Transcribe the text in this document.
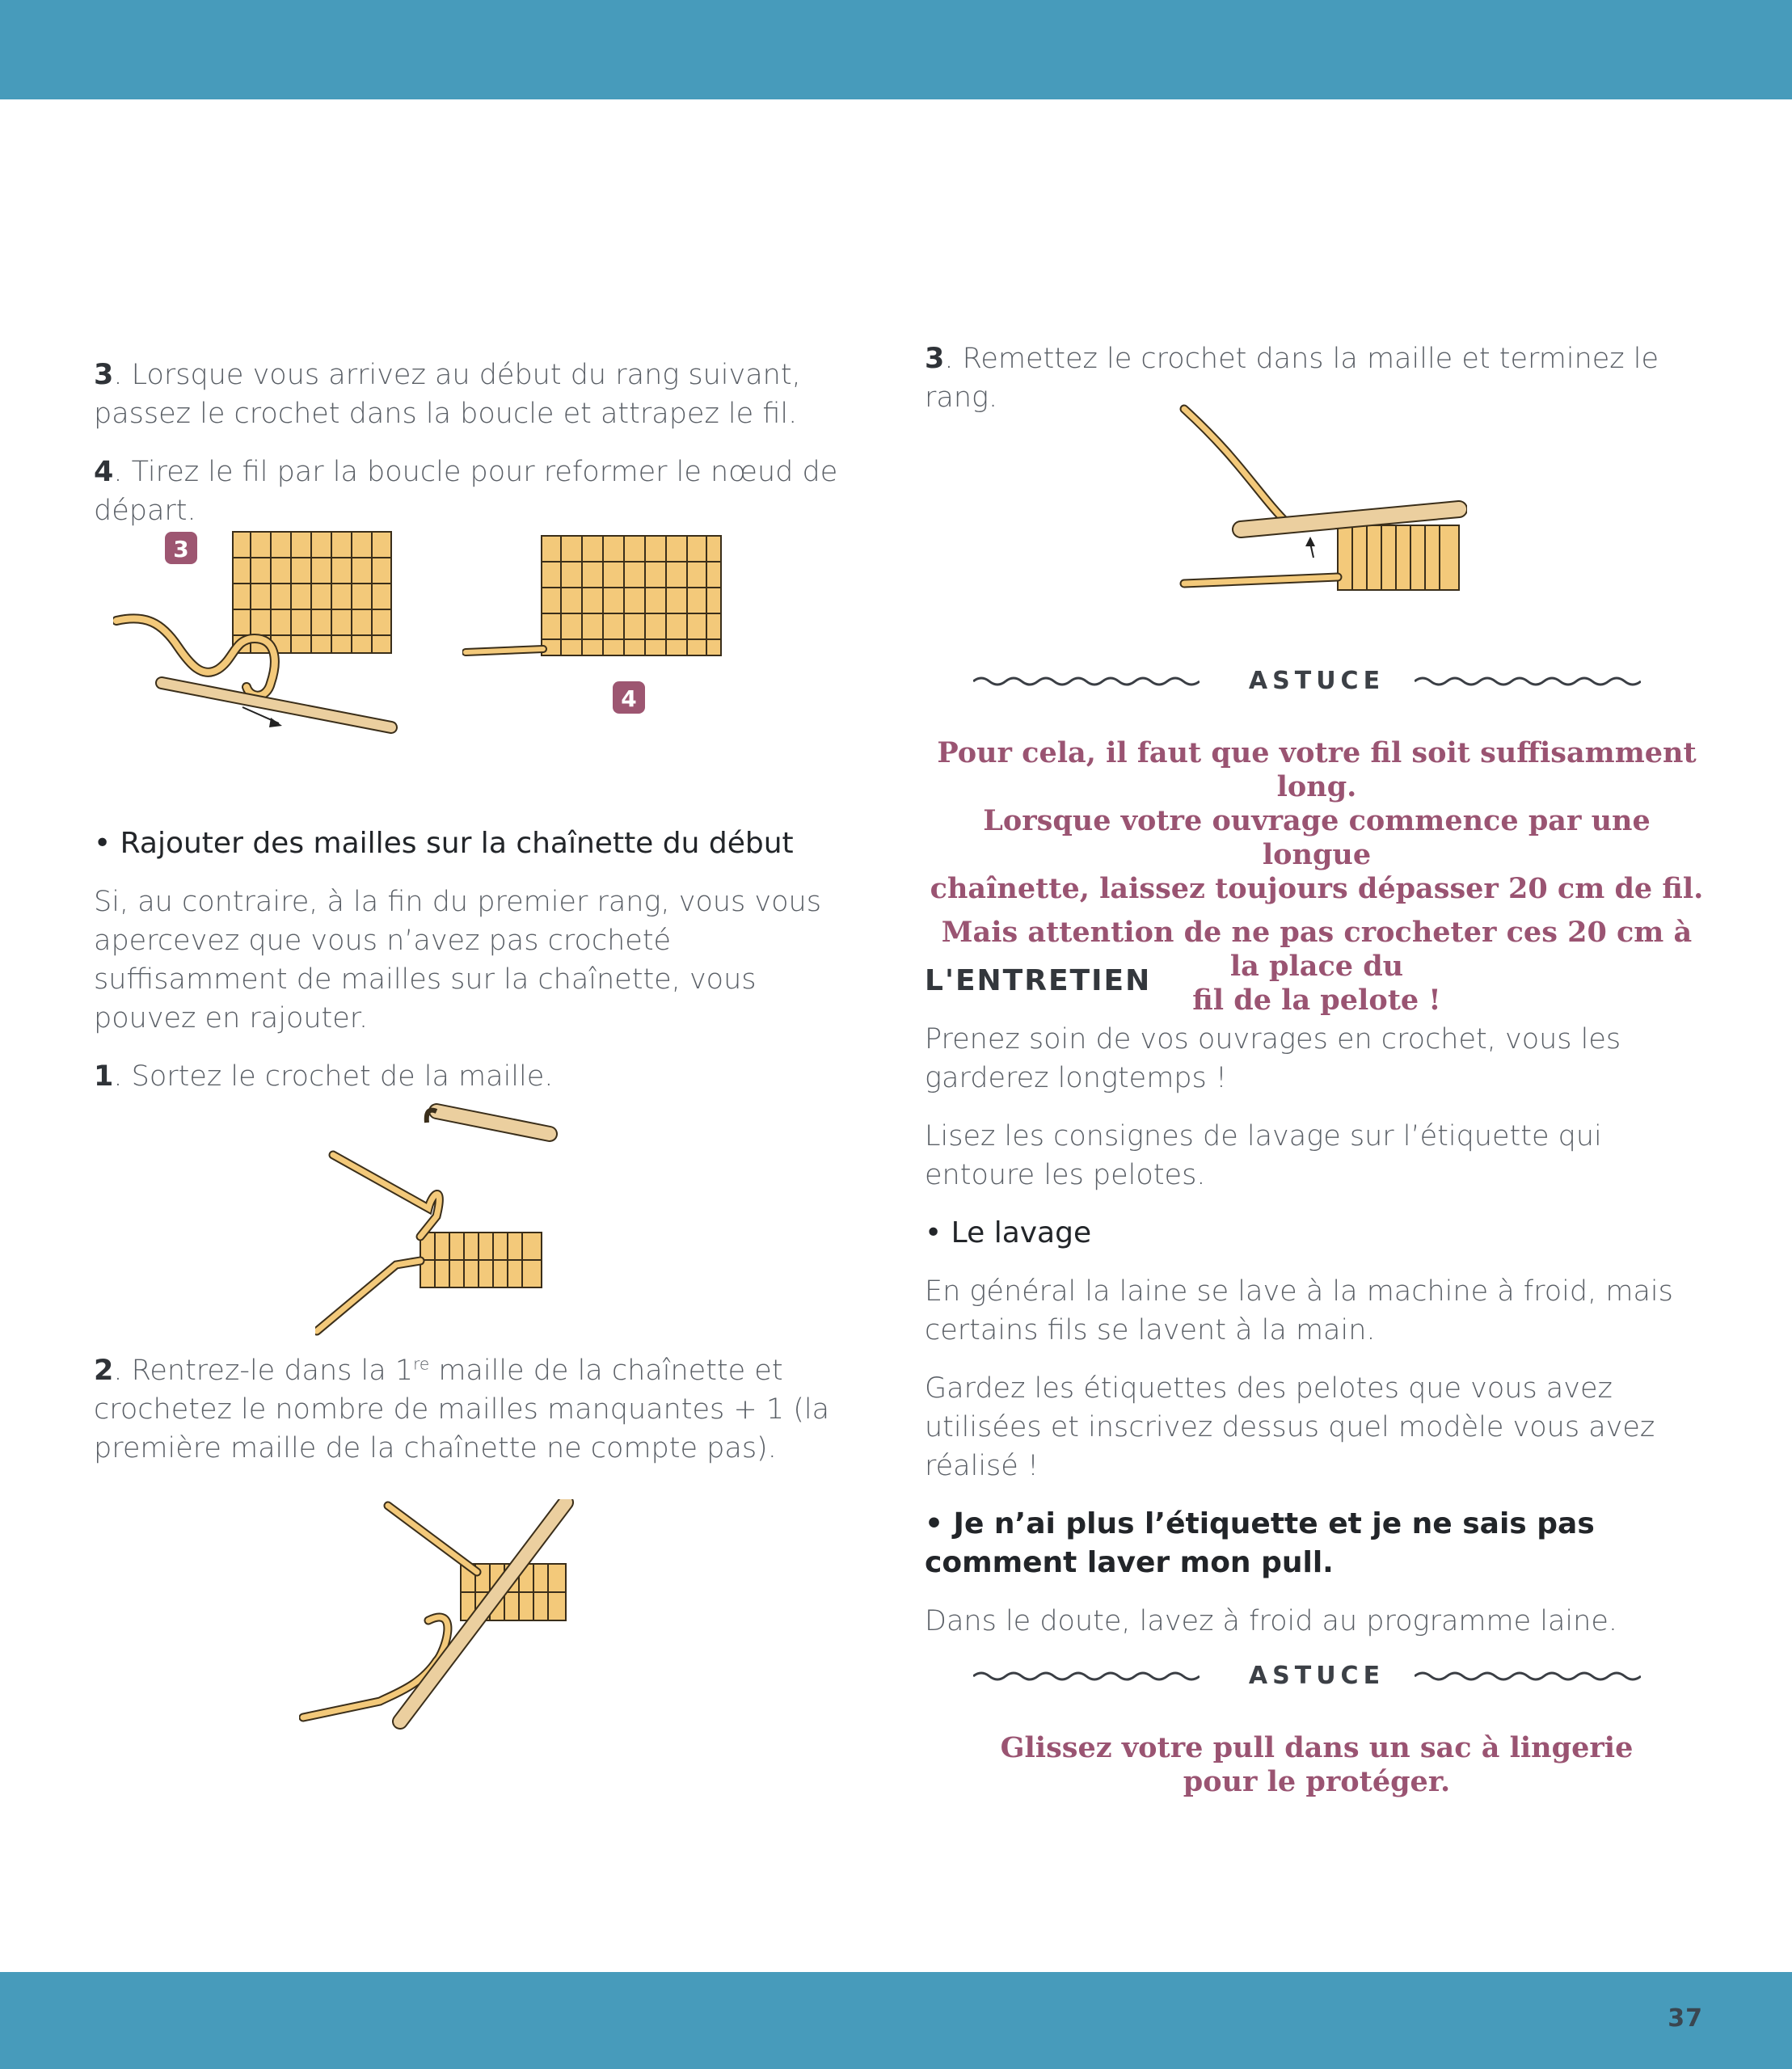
37

3. Lorsque vous arrivez au début du rang suivant, passez le crochet dans la boucle et attrapez le fil.

4. Tirez le fil par la boucle pour reformer le nœud de départ.

• Rajouter des mailles sur la chaînette du début

Si, au contraire, à la fin du premier rang, vous vous apercevez que vous n’avez pas crocheté suffisamment de mailles sur la chaînette, vous pouvez en rajouter.

1. Sortez le crochet de la maille.

2. Rentrez-le dans la 1re maille de la chaînette et crochetez le nombre de mailles manquantes + 1 (la première maille de la chaînette ne compte pas).

3
4

3. Remettez le crochet dans la maille et terminez le rang.

ASTUCE

Pour cela, il faut que votre fil soit suffisamment long.

Lorsque votre ouvrage commence par une longue

chaînette, laissez toujours dépasser 20 cm de fil.

Mais attention de ne pas crocheter ces 20 cm à la place du

fil de la pelote !

L'ENTRETIEN

Prenez soin de vos ouvrages en crochet, vous les garderez longtemps !

Lisez les consignes de lavage sur l’étiquette qui entoure les pelotes.

• Le lavage

En général la laine se lave à la machine à froid, mais certains fils se lavent à la main.

Gardez les étiquettes des pelotes que vous avez utilisées et inscrivez dessus quel modèle vous avez réalisé !

• Je n’ai plus l’étiquette et je ne sais pas comment laver mon pull.

Dans le doute, lavez à froid au programme laine.

ASTUCE

Glissez votre pull dans un sac à lingerie

pour le protéger.
